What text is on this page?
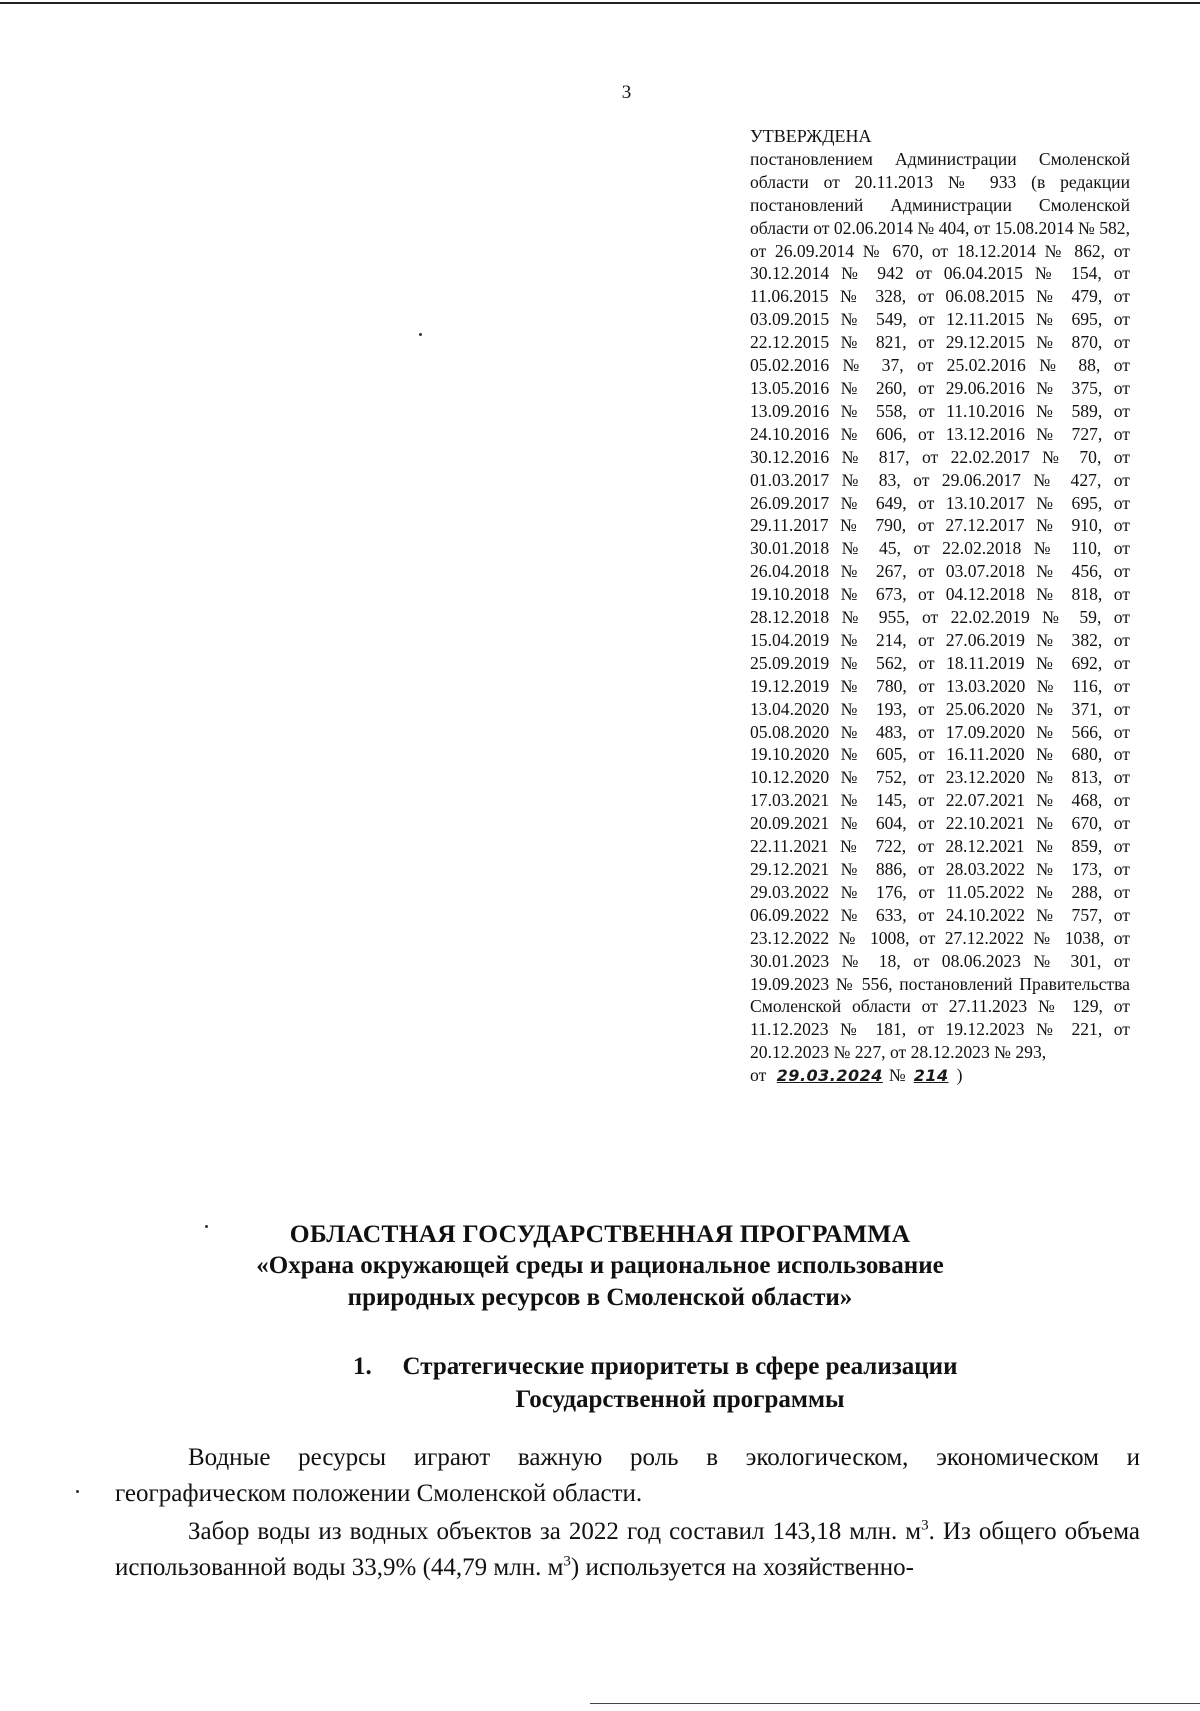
3
УТВЕРЖДЕНА
постановлением Администрации Смоленской области от 20.11.2013 № 933 (в редакции постановлений Администрации Смоленской области от 02.06.2014 № 404, от 15.08.2014 № 582, от 26.09.2014 № 670, от 18.12.2014 № 862, от 30.12.2014 № 942 от 06.04.2015 № 154, от 11.06.2015 № 328, от 06.08.2015 № 479, от 03.09.2015 № 549, от 12.11.2015 № 695, от 22.12.2015 № 821, от 29.12.2015 № 870, от 05.02.2016 № 37, от 25.02.2016 № 88, от 13.05.2016 № 260, от 29.06.2016 № 375, от 13.09.2016 № 558, от 11.10.2016 № 589, от 24.10.2016 № 606, от 13.12.2016 № 727, от 30.12.2016 № 817, от 22.02.2017 № 70, от 01.03.2017 № 83, от 29.06.2017 № 427, от 26.09.2017 № 649, от 13.10.2017 № 695, от 29.11.2017 № 790, от 27.12.2017 № 910, от 30.01.2018 № 45, от 22.02.2018 № 110, от 26.04.2018 № 267, от 03.07.2018 № 456, от 19.10.2018 № 673, от 04.12.2018 № 818, от 28.12.2018 № 955, от 22.02.2019 № 59, от 15.04.2019 № 214, от 27.06.2019 № 382, от 25.09.2019 № 562, от 18.11.2019 № 692, от 19.12.2019 № 780, от 13.03.2020 № 116, от 13.04.2020 № 193, от 25.06.2020 № 371, от 05.08.2020 № 483, от 17.09.2020 № 566, от 19.10.2020 № 605, от 16.11.2020 № 680, от 10.12.2020 № 752, от 23.12.2020 № 813, от 17.03.2021 № 145, от 22.07.2021 № 468, от 20.09.2021 № 604, от 22.10.2021 № 670, от 22.11.2021 № 722, от 28.12.2021 № 859, от 29.12.2021 № 886, от 28.03.2022 № 173, от 29.03.2022 № 176, от 11.05.2022 № 288, от 06.09.2022 № 633, от 24.10.2022 № 757, от 23.12.2022 № 1008, от 27.12.2022 № 1038, от 30.01.2023 № 18, от 08.06.2023 № 301, от 19.09.2023 № 556, постановлений Правительства Смоленской области от 27.11.2023 № 129, от 11.12.2023 № 181, от 19.12.2023 № 221, от 20.12.2023 № 227, от 28.12.2023 № 293,
от 29.03.2024 № 214 )
ОБЛАСТНАЯ ГОСУДАРСТВЕННАЯ ПРОГРАММА
«Охрана окружающей среды и рациональное использование
природных ресурсов в Смоленской области»
1.	Стратегические приоритеты в сфере реализации
Государственной программы
Водные ресурсы играют важную роль в экологическом, экономическом и географическом положении Смоленской области.
Забор воды из водных объектов за 2022 год составил 143,18 млн. $м^3$. Из общего объема использованной воды 33,9% (44,79 млн. $м^3$) используется на хозяйственно-
